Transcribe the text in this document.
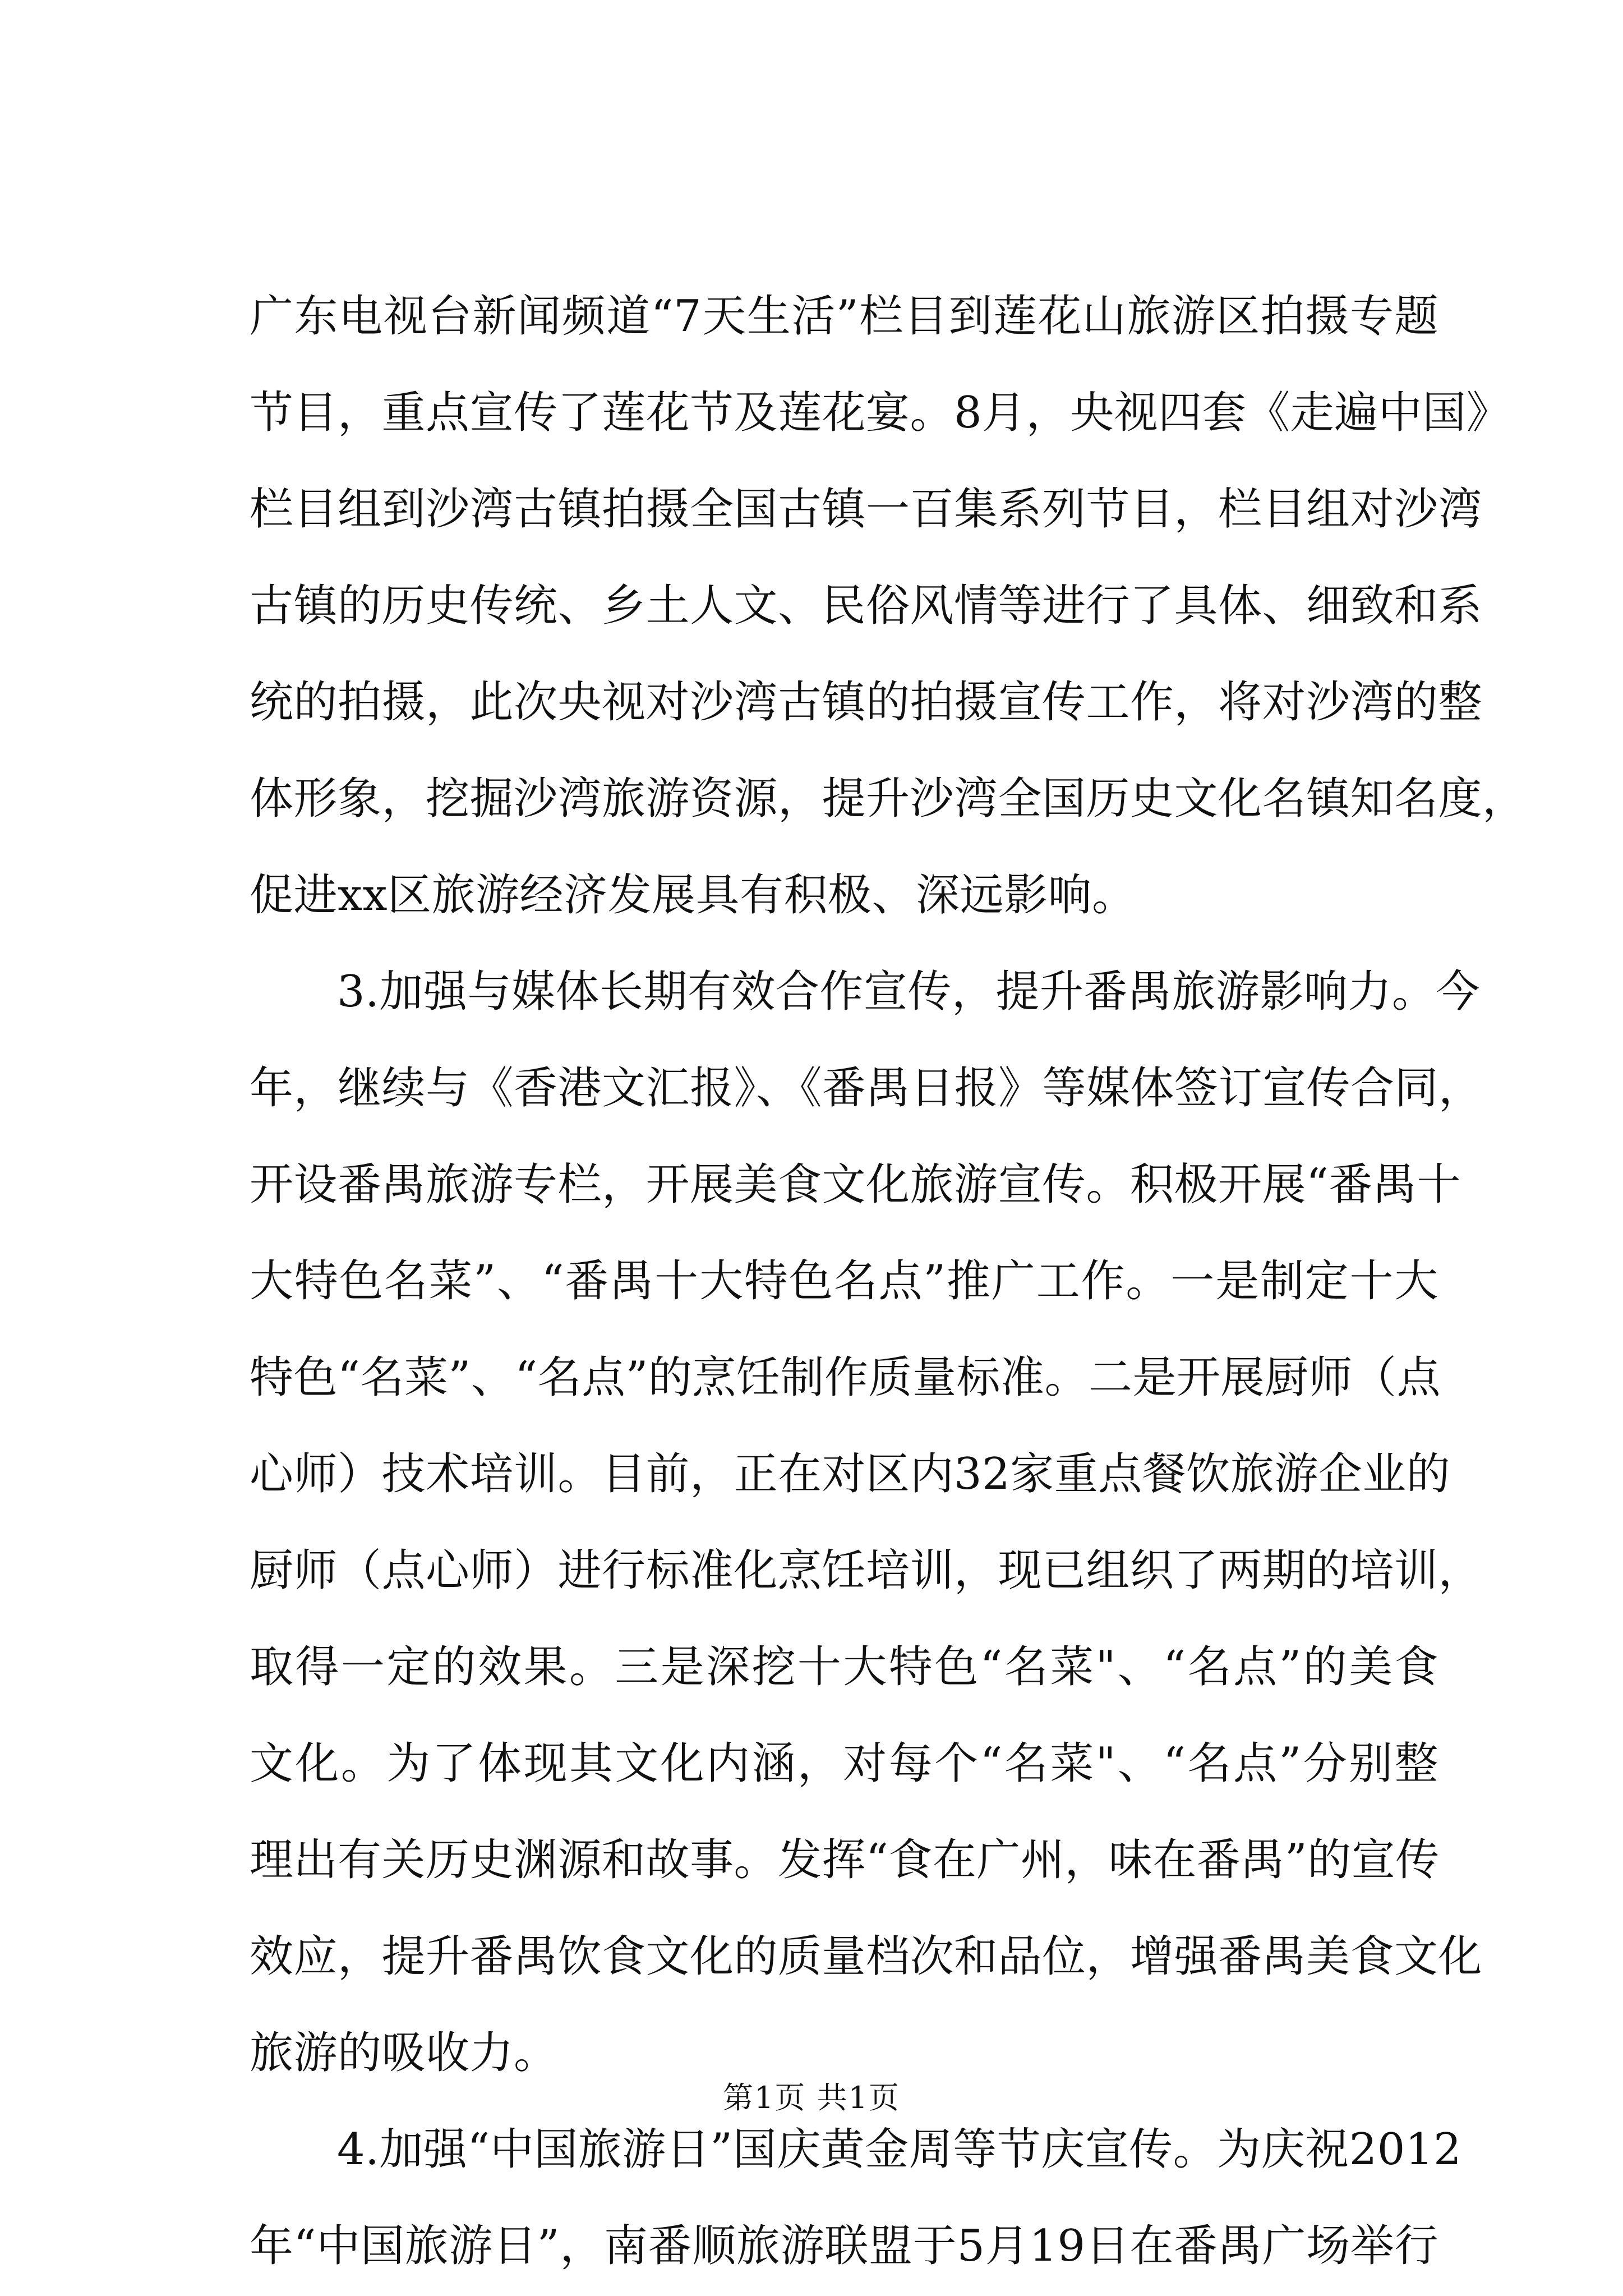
广东电视台新闻频道“7天生活”栏目到莲花山旅游区拍摄专题
节目，重点宣传了莲花节及莲花宴。8月，央视四套《走遍中国》
栏目组到沙湾古镇拍摄全国古镇一百集系列节目，栏目组对沙湾
古镇的历史传统、乡土人文、民俗风情等进行了具体、细致和系
统的拍摄，此次央视对沙湾古镇的拍摄宣传工作，将对沙湾的整
体形象，挖掘沙湾旅游资源，提升沙湾全国历史文化名镇知名度，
促进xx区旅游经济发展具有积极、深远影响。
3.加强与媒体长期有效合作宣传，提升番禺旅游影响力。今
年，继续与《香港文汇报》、《番禺日报》等媒体签订宣传合同，
开设番禺旅游专栏，开展美食文化旅游宣传。积极开展“番禺十
大特色名菜”、“番禺十大特色名点”推广工作。一是制定十大
特色“名菜”、“名点”的烹饪制作质量标准。二是开展厨师（点
心师）技术培训。目前，正在对区内32家重点餐饮旅游企业的
厨师（点心师）进行标准化烹饪培训，现已组织了两期的培训，
取得一定的效果。三是深挖十大特色“名菜"、“名点”的美食
文化。为了体现其文化内涵，对每个“名菜"、“名点”分别整
理出有关历史渊源和故事。发挥“食在广州，味在番禺”的宣传
效应，提升番禺饮食文化的质量档次和品位，增强番禺美食文化
旅游的吸收力。
4.加强“中国旅游日”国庆黄金周等节庆宣传。为庆祝2012
年“中国旅游日”，南番顺旅游联盟于5月19日在番禺广场举行
第1页 共1页
